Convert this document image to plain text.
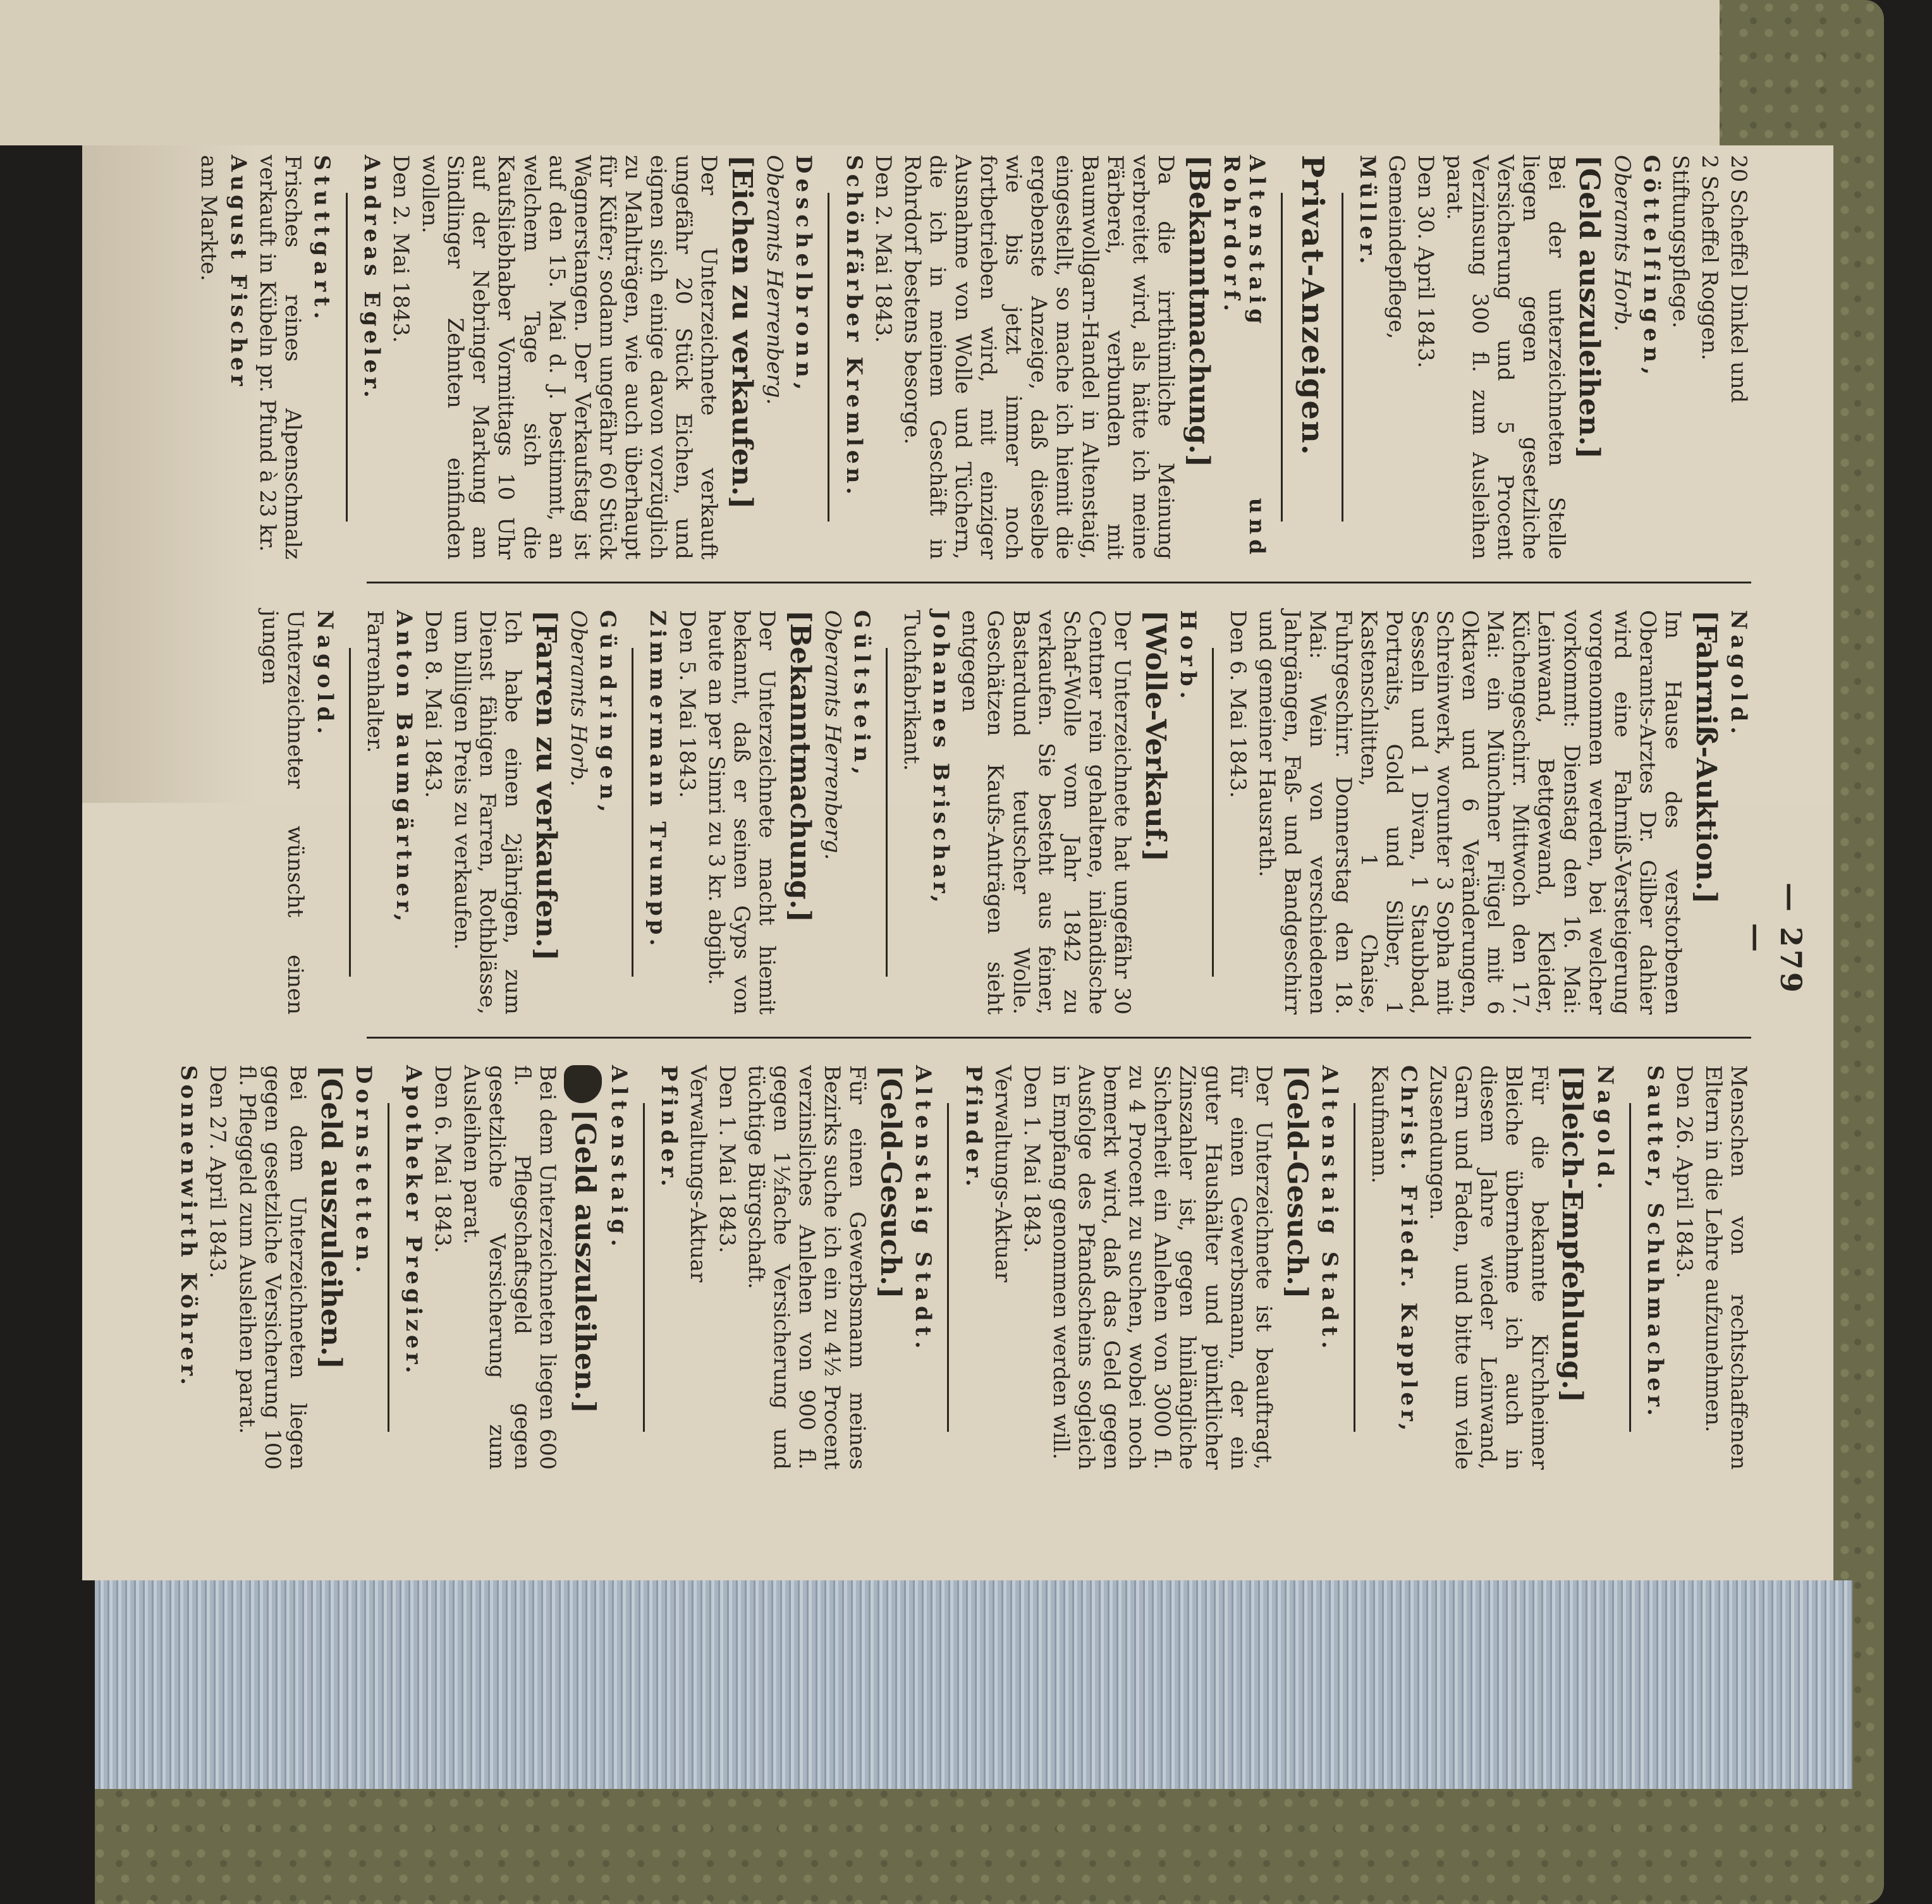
— 279 —

20 Scheffel Dinkel und

2 Scheffel Roggen.

Stiftungspflege.

Göttelfingen,

Oberamts Horb.

[Geld auszuleihen.]

Bei der unterzeichneten Stelle liegen gegen gesetzliche Versicherung und 5 Procent Verzinsung 300 fl. zum Ausleihen parat.

Den 30. April 1843.

Gemeindepflege,

Müller.

Privat-Anzeigen.

Altenstaig und Rohrdorf.

[Bekanntmachung.]

Da die irrthümliche Meinung verbreitet wird, als hätte ich meine Färberei, verbunden mit Baumwollgarn-Handel in Altenstaig, eingestellt, so mache ich hiemit die ergebenste Anzeige, daß dieselbe wie bis jetzt immer noch fortbetrieben wird, mit einziger Ausnahme von Wolle und Tüchern, die ich in meinem Geschäft in Rohrdorf bestens besorge.

Den 2. Mai 1843.

Schönfärber Kremlen.

Deschelbronn,

Oberamts Herrenberg.

[Eichen zu verkaufen.]

Der Unterzeichnete verkauft ungefähr 20 Stück Eichen, und eignen sich einige davon vorzüglich zu Mahlträgen, wie auch überhaupt für Küfer; sodann ungefähr 60 Stück Wagnerstangen. Der Verkaufstag ist auf den 15. Mai d. J. bestimmt, an welchem Tage sich die Kaufsliebhaber Vormittags 10 Uhr auf der Nebringer Markung am Sindlinger Zehnten einfinden wollen.

Den 2. Mai 1843.

Andreas Egeler.

Stuttgart.

Frisches reines Alpenschmalz verkauft in Kübeln pr. Pfund à 23 kr.

August Fischer

am Markte.

Nagold.

[Fahrniß-Auktion.]

Im Hause des verstorbenen Oberamts-Arztes Dr. Gilber dahier wird eine Fahrniß-Versteigerung vorgenommen werden, bei welcher vorkommt: Dienstag den 16. Mai: Leinwand, Bettgewand, Kleider, Küchengeschirr. Mittwoch den 17. Mai: ein Münchner Flügel mit 6 Oktaven und 6 Veränderungen, Schreinwerk, worunter 3 Sopha mit Sesseln und 1 Divan, 1 Staubbad, Portraits, Gold und Silber, 1 Kastenschlitten, 1 Chaise, Fuhrgeschirr. Donnerstag den 18. Mai: Wein von verschiedenen Jahrgängen, Faß- und Bandgeschirr und gemeiner Hausrath.

Den 6. Mai 1843.

Horb.

[Wolle-Verkauf.]

Der Unterzeichnete hat ungefähr 30 Centner rein gehaltene, inländische Schaf-Wolle vom Jahr 1842 zu verkaufen. Sie besteht aus feiner, Bastardund teutscher Wolle. Geschätzen Kaufs-Anträgen sieht entgegen

Johannes Brischar,

Tuchfabrikant.

Gültstein,

Oberamts Herrenberg.

[Bekanntmachung.]

Der Unterzeichnete macht hiemit bekannt, daß er seinen Gyps von heute an per Simri zu 3 kr. abgibt.

Den 5. Mai 1843.

Zimmermann Trumpp.

Gündringen,

Oberamts Horb.

[Farren zu verkaufen.]

Ich habe einen 2jährigen, zum Dienst fähigen Farren, Rothblässe, um billigen Preis zu verkaufen.

Den 8. Mai 1843.

Anton Baumgärtner,

Farrenhalter.

Nagold.

Unterzeichneter wünscht einen jungen

Menschen von rechtschaffenen Eltern in die Lehre aufzunehmen.

Den 26. April 1843.

Sautter, Schuhmacher.

Nagold.

[Bleich-Empfehlung.]

Für die bekannte Kirchheimer Bleiche übernehme ich auch in diesem Jahre wieder Leinwand, Garn und Faden, und bitte um viele Zusendungen.

Christ. Friedr. Kappler,

Kaufmann.

Altenstaig Stadt.

[Geld-Gesuch.]

Der Unterzeichnete ist beauftragt, für einen Gewerbsmann, der ein guter Haushälter und pünktlicher Zinszahler ist, gegen hinlängliche Sicherheit ein Anlehen von 3000 fl. zu 4 Procent zu suchen, wobei noch bemerkt wird, daß das Geld gegen Ausfolge des Pfandscheins sogleich in Empfang genommen werden will.

Den 1. Mai 1843.

Verwaltungs-Aktuar

Pfinder.

Altenstaig Stadt.

[Geld-Gesuch.]

Für einen Gewerbsmann meines Bezirks suche ich ein zu 4½ Procent verzinsliches Anlehen von 900 fl. gegen 1½fache Versicherung und tüchtige Bürgschaft.

Den 1. Mai 1843.

Verwaltungs-Aktuar

Pfinder.

Altenstaig.

[Geld auszuleihen.]

Bei dem Unterzeichneten liegen 600 fl. Pflegschaftsgeld gegen gesetzliche Versicherung zum Ausleihen parat.

Den 6. Mai 1843.

Apotheker Pregizer.

Dornstetten.

[Geld auszuleihen.]

Bei dem Unterzeichneten liegen gegen gesetzliche Versicherung 100 fl. Pfleggeld zum Ausleihen parat.

Den 27. April 1843.

Sonnenwirth Köhrer.
